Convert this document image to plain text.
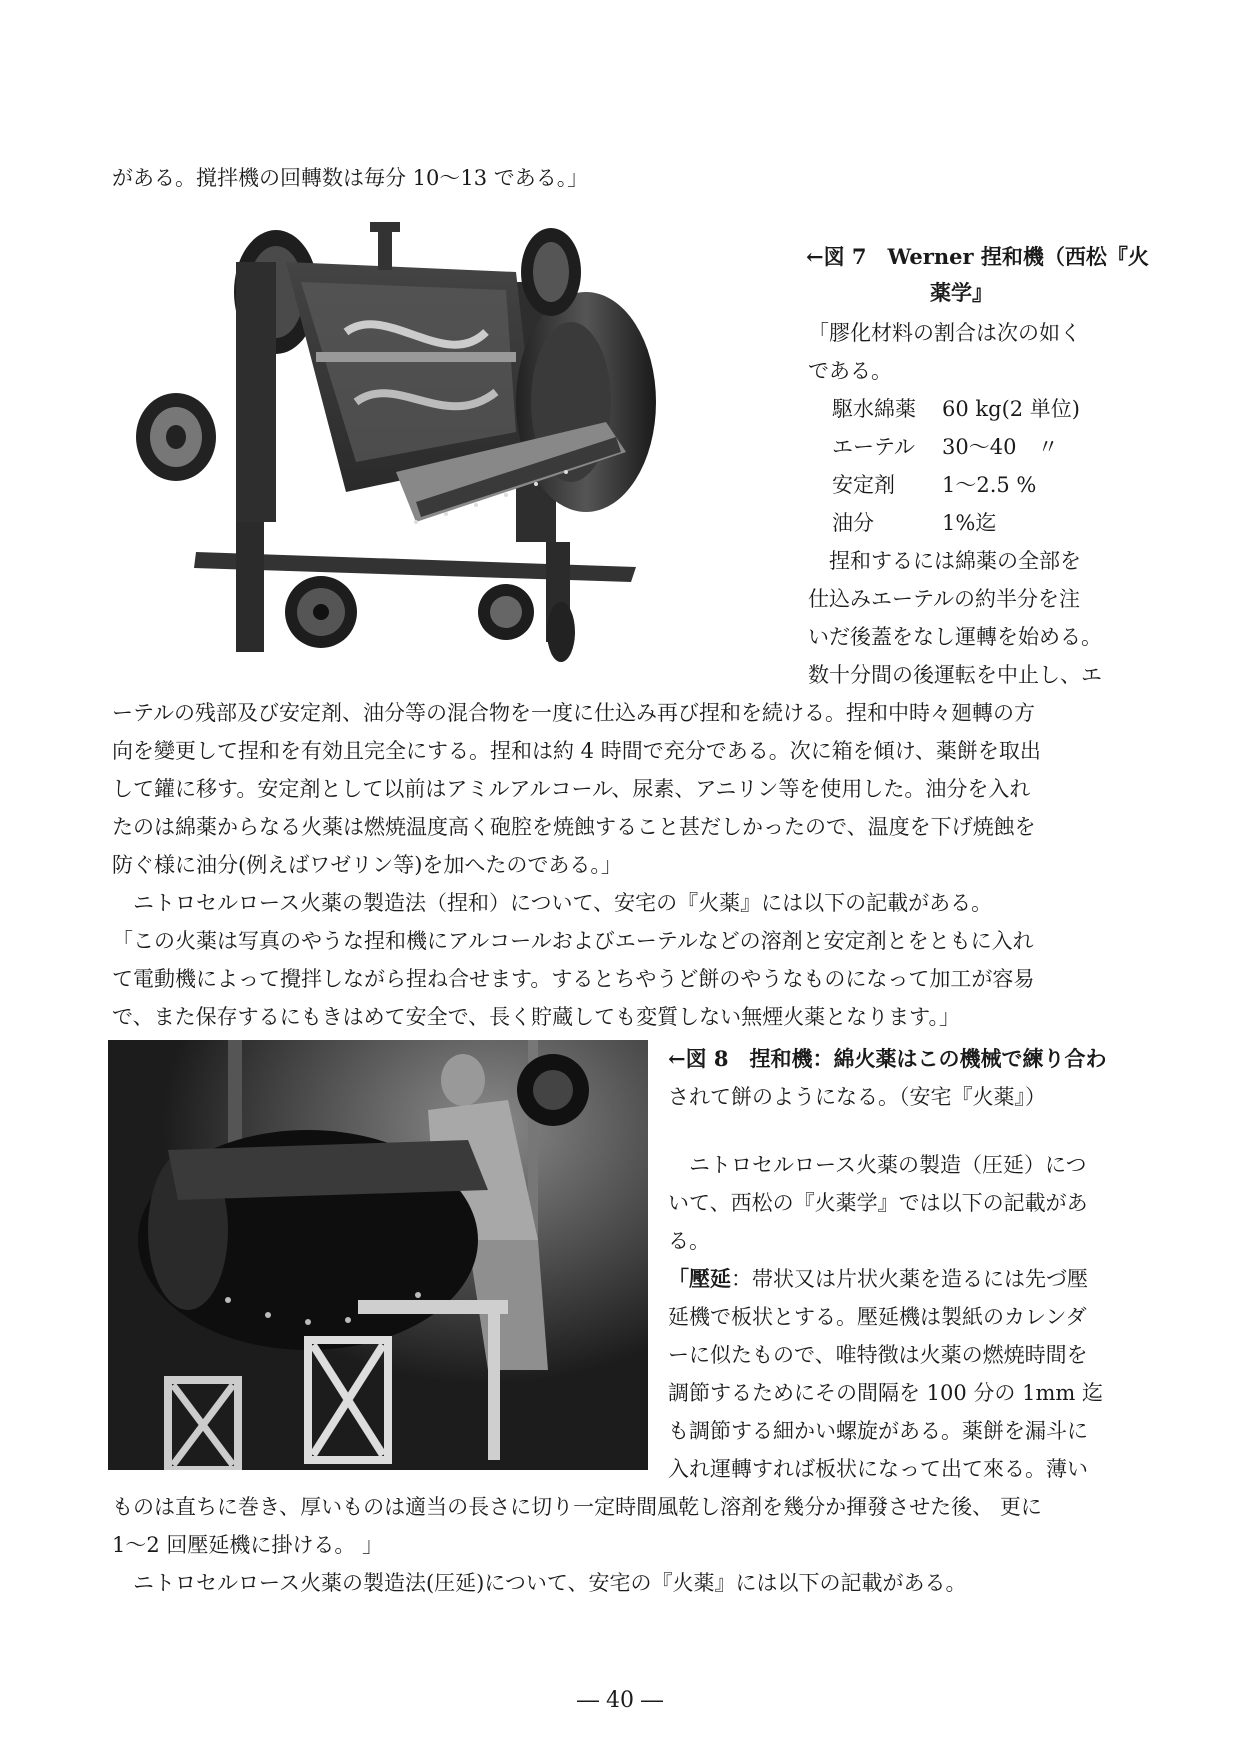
がある。撹拌機の回轉数は毎分 10〜13 である。」
←図 7　Werner 捏和機（西松『火
薬学』
「膠化材料の割合は次の如く
である。
駆水綿薬 60 kg(2 単位)
エーテル 30〜40　〃
安定剤 1〜2.5 %
油分	1%迄
　捏和するには綿薬の全部を
仕込みエーテルの約半分を注
いだ後蓋をなし運轉を始める。
数十分間の後運転を中止し、エ
ーテルの残部及び安定剤、油分等の混合物を一度に仕込み再び捏和を続ける。捏和中時々廻轉の方
向を變更して捏和を有効且完全にする。捏和は約 4 時間で充分である。次に箱を傾け、薬餅を取出
して鑵に移す。安定剤として以前はアミルアルコール、尿素、アニリン等を使用した。油分を入れ
たのは綿薬からなる火薬は燃焼温度高く砲腔を焼蝕すること甚だしかったので、温度を下げ焼蝕を
防ぐ様に油分(例えばワゼリン等)を加へたのである。」
　ニトロセルロース火薬の製造法（捏和）について、安宅の『火薬』には以下の記載がある。
「この火薬は写真のやうな捏和機にアルコールおよびエーテルなどの溶剤と安定剤とをともに入れ
て電動機によって攪拌しながら捏ね合せます。するとちやうど餅のやうなものになって加工が容易
で、また保存するにもきはめて安全で、長く貯蔵しても変質しない無煙火薬となります。」
←図 8　捏和機：綿火薬はこの機械で練り合わ
されて餅のようになる。（安宅『火薬』）
　ニトロセルロース火薬の製造（圧延）につ
いて、西松の『火薬学』では以下の記載があ
る。
「壓延：帯状又は片状火薬を造るには先づ壓
延機で板状とする。壓延機は製紙のカレンダ
ーに似たもので、唯特徴は火薬の燃焼時間を
調節するためにその間隔を 100 分の 1mm 迄
も調節する細かい螺旋がある。薬餅を漏斗に
入れ運轉すれば板状になって出て來る。薄い
ものは直ちに巻き、厚いものは適当の長さに切り一定時間風乾し溶剤を幾分か揮發させた後、 更に
1〜2 回壓延機に掛ける。 」
　ニトロセルロース火薬の製造法(圧延)について、安宅の『火薬』には以下の記載がある。
― 40 ―
